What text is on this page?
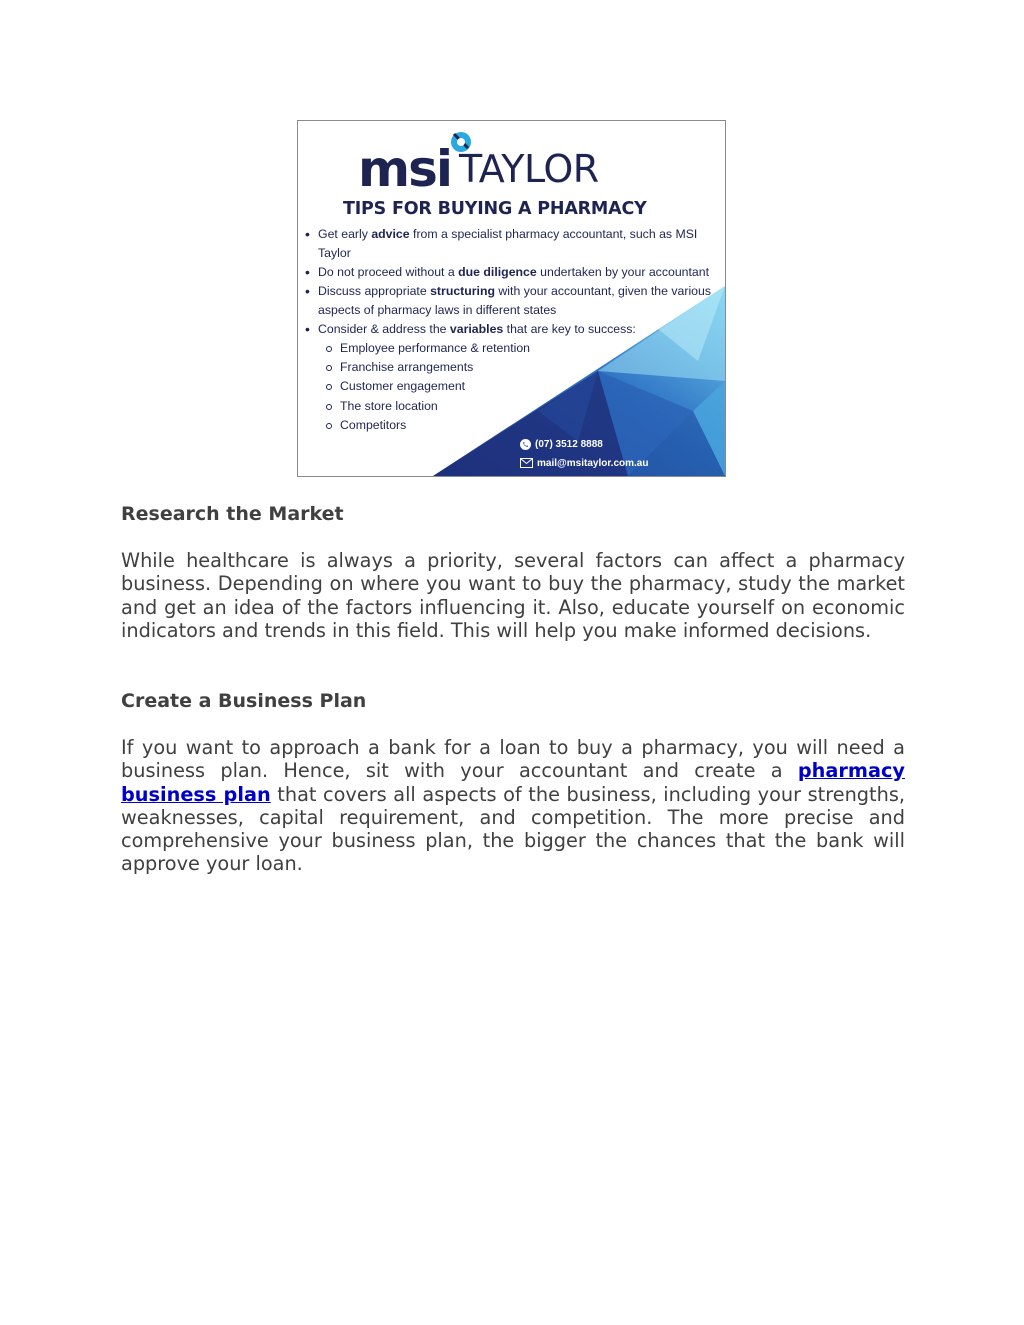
msi TAYLOR
TIPS FOR BUYING A PHARMACY
• Get early advice from a specialist pharmacy accountant, such as MSI Taylor
• Do not proceed without a due diligence undertaken by your accountant
• Discuss appropriate structuring with your accountant, given the various aspects of pharmacy laws in different states
• Consider & address the variables that are key to success:
Employee performance & retention
Franchise arrangements
Customer engagement
The store location
Competitors
(07) 3512 8888
mail@msitaylor.com.au
Research the Market

While healthcare is always a priority, several factors can affect a pharmacy business. Depending on where you want to buy the pharmacy, study the market and get an idea of the factors influencing it. Also, educate yourself on economic indicators and trends in this field. This will help you make informed decisions.

Create a Business Plan

If you want to approach a bank for a loan to buy a pharmacy, you will need a business plan. Hence, sit with your accountant and create a pharmacy business plan that covers all aspects of the business, including your strengths, weaknesses, capital requirement, and competition. The more precise and comprehensive your business plan, the bigger the chances that the bank will approve your loan.
